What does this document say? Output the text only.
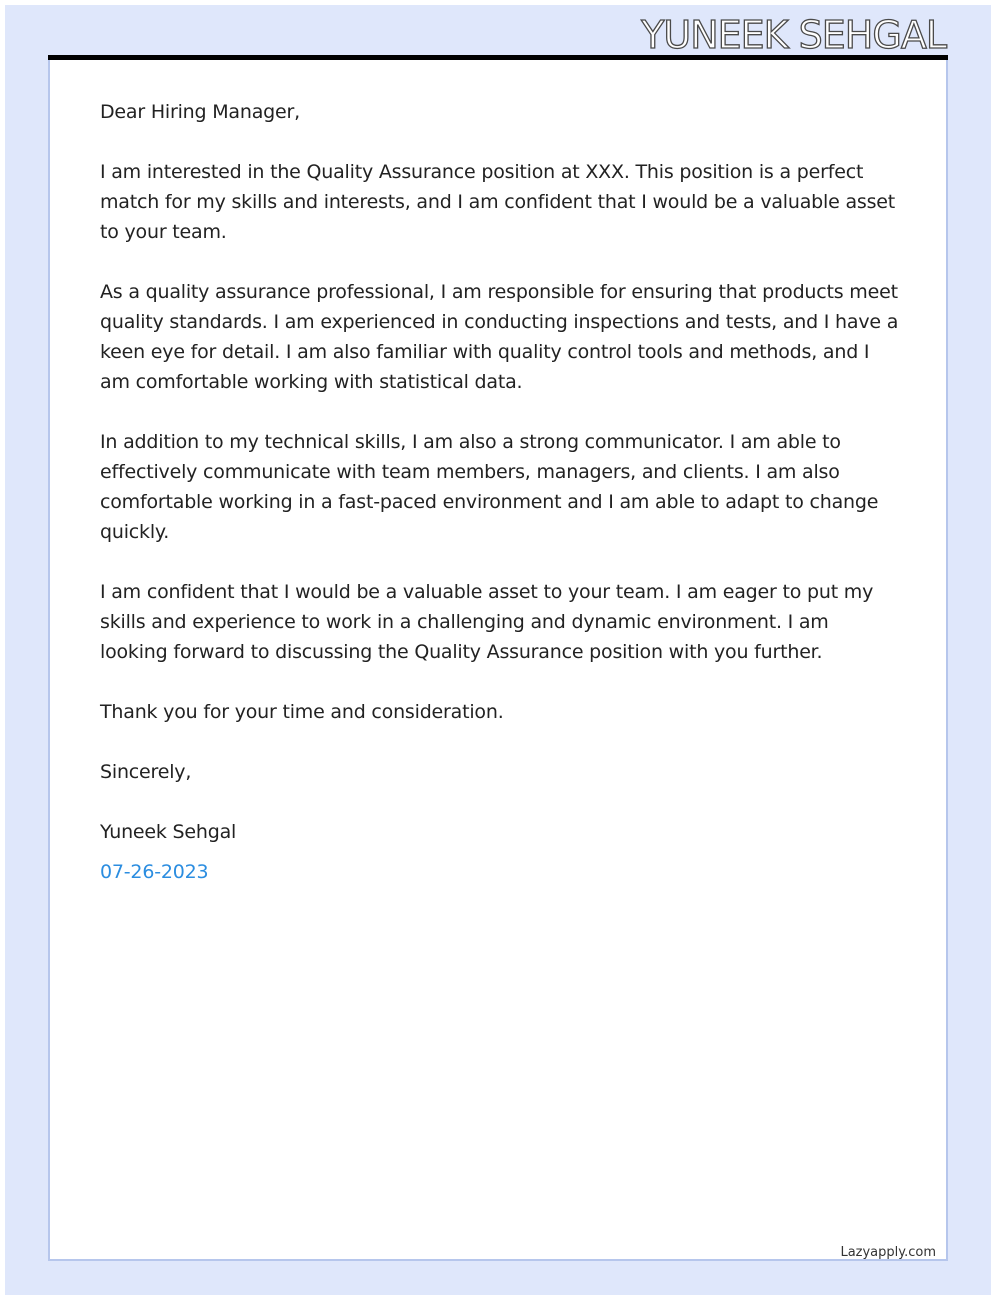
YUNEEK SEHGAL

Dear Hiring Manager,

I am interested in the Quality Assurance position at XXX. This position is a perfect match for my skills and interests, and I am confident that I would be a valuable asset to your team.

As a quality assurance professional, I am responsible for ensuring that products meet quality standards. I am experienced in conducting inspections and tests, and I have a keen eye for detail. I am also familiar with quality control tools and methods, and I am comfortable working with statistical data.

In addition to my technical skills, I am also a strong communicator. I am able to effectively communicate with team members, managers, and clients. I am also comfortable working in a fast-paced environment and I am able to adapt to change quickly.

I am confident that I would be a valuable asset to your team. I am eager to put my skills and experience to work in a challenging and dynamic environment. I am looking forward to discussing the Quality Assurance position with you further.

Thank you for your time and consideration.

Sincerely,

Yuneek Sehgal

07-26-2023

Lazyapply.com
